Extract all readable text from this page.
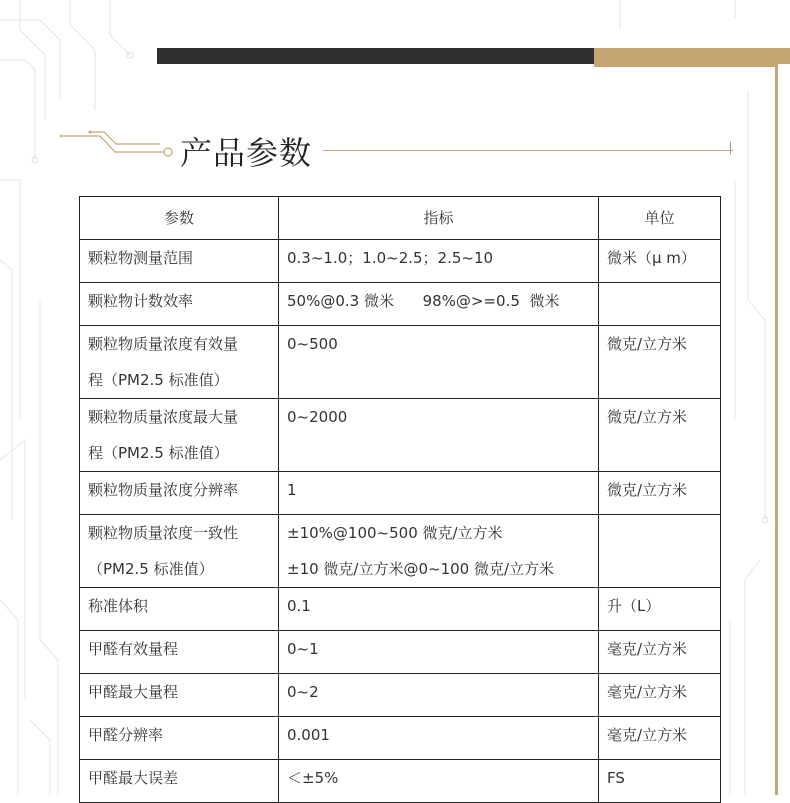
产品参数
参数	指标	单位

颗粒物测量范围	0.3~1.0；1.0~2.5；2.5~10	微米（μ m）

颗粒物计数效率	50%@0.3 微米      98%@>=0.5  微米	

颗粒物质量浓度有效量
程（PM2.5 标准值）	0~500	微克/立方米

颗粒物质量浓度最大量
程（PM2.5 标准值）	0~2000	微克/立方米

颗粒物质量浓度分辨率	1	微克/立方米

颗粒物质量浓度一致性
（PM2.5 标准值）	±10%@100~500 微克/立方米
±10 微克/立方米@0~100 微克/立方米	

称准体积	0.1	升（L）

甲醛有效量程	0~1	毫克/立方米

甲醛最大量程	0~2	毫克/立方米

甲醛分辨率	0.001	毫克/立方米

甲醛最大误差	＜±5%	FS
